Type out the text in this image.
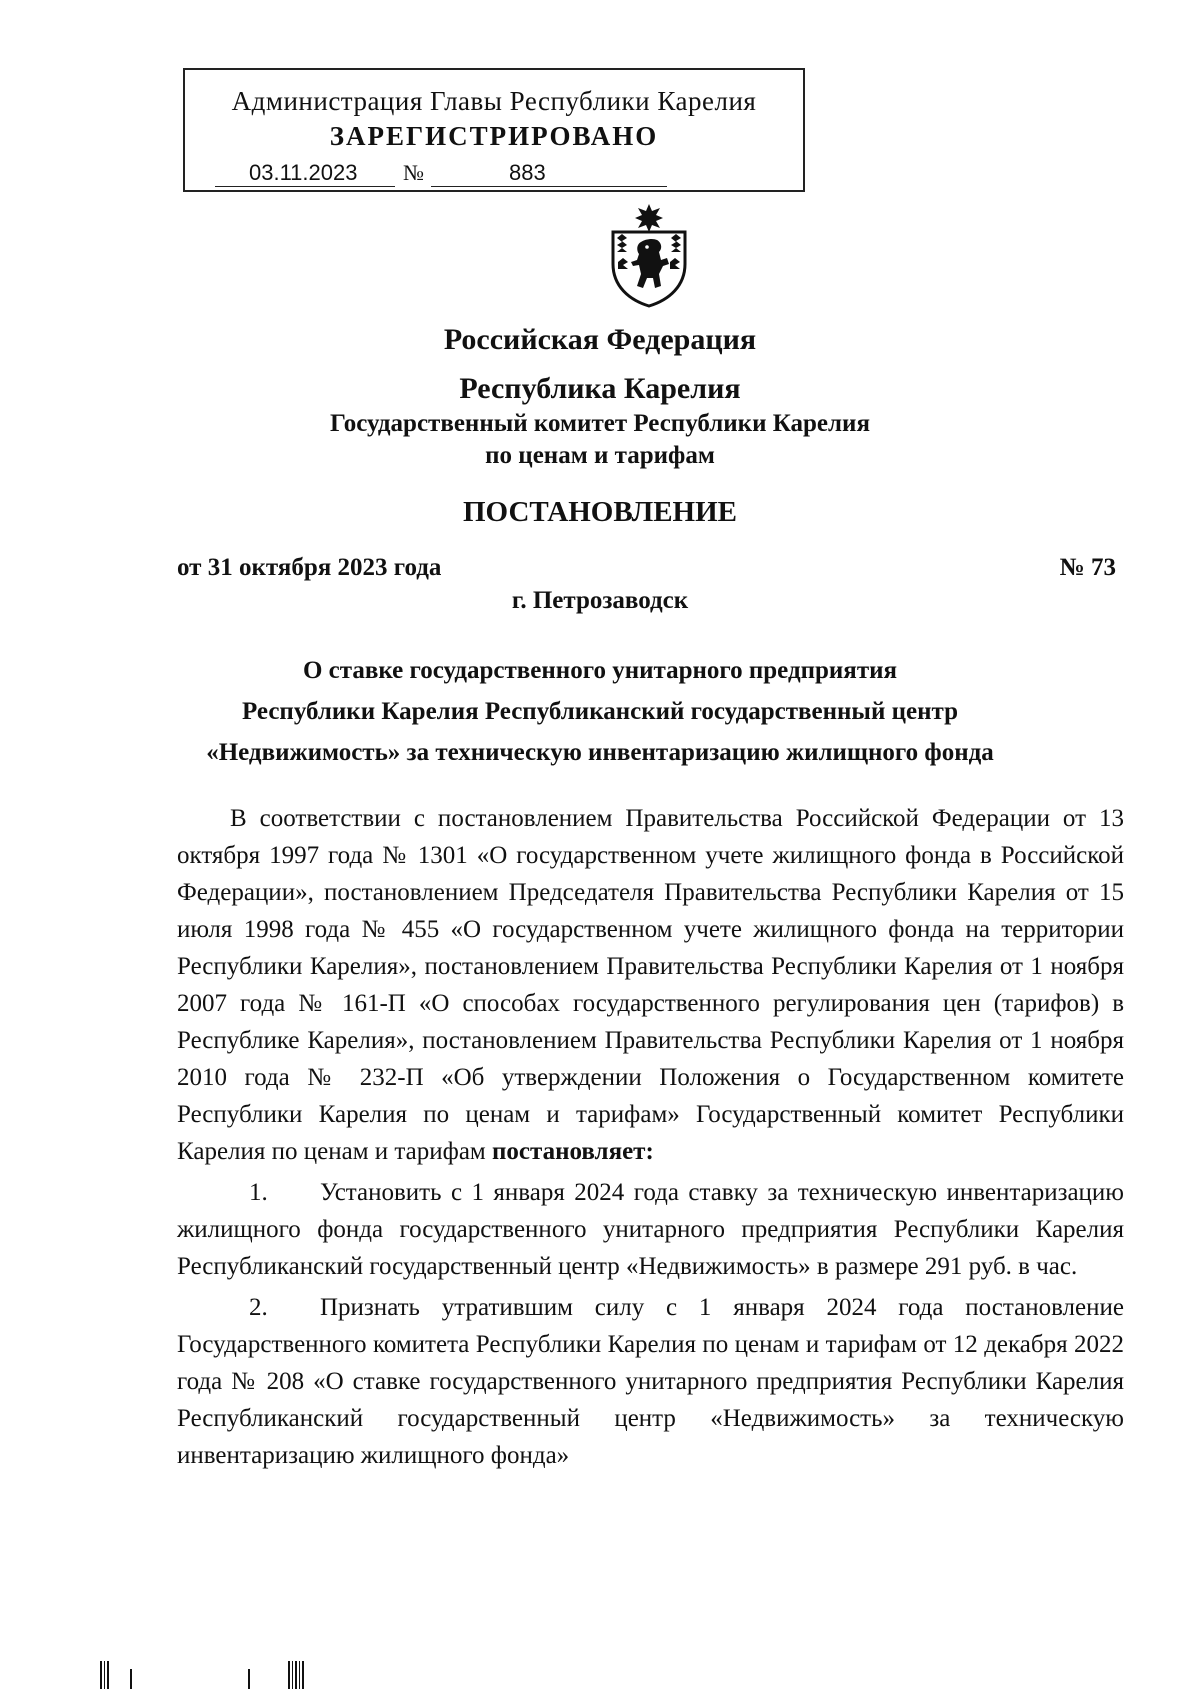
Администрация Главы Республики Карелия
ЗАРЕГИСТРИРОВАНО
03.11.2023 №	883
Российская Федерация
Республика Карелия
Государственный комитет Республики Карелия
по ценам и тарифам
ПОСТАНОВЛЕНИЕ
от 31 октября 2023 года	№ 73
г. Петрозаводск
О ставке государственного унитарного предприятия
Республики Карелия Республиканский государственный центр
«Недвижимость» за техническую инвентаризацию жилищного фонда

В соответствии с постановлением Правительства Российской Федерации от 13 октября 1997 года № 1301 «О государственном учете жилищного фонда в Российской Федерации», постановлением Председателя Правительства Республики Карелия от 15 июля 1998 года № 455 «О государственном учете жилищного фонда на территории Республики Карелия», постановлением Правительства Республики Карелия от 1 ноября 2007 года № 161-П «О способах государственного регулирования цен (тарифов) в Республике Карелия», постановлением Правительства Республики Карелия от 1 ноября 2010 года № 232-П «Об утверждении Положения о Государственном комитете Республики Карелия по ценам и тарифам» Государственный комитет Республики Карелия по ценам и тарифам постановляет:

1. Установить с 1 января 2024 года ставку за техническую инвентаризацию жилищного фонда государственного унитарного предприятия Республики Карелия Республиканский государственный центр «Недвижимость» в размере 291 руб. в час.

2. Признать утратившим силу с 1 января 2024 года постановление Государственного комитета Республики Карелия по ценам и тарифам от 12 декабря 2022 года № 208 «О ставке государственного унитарного предприятия Республики Карелия Республиканский государственный центр «Недвижимость» за техническую инвентаризацию жилищного фонда»
